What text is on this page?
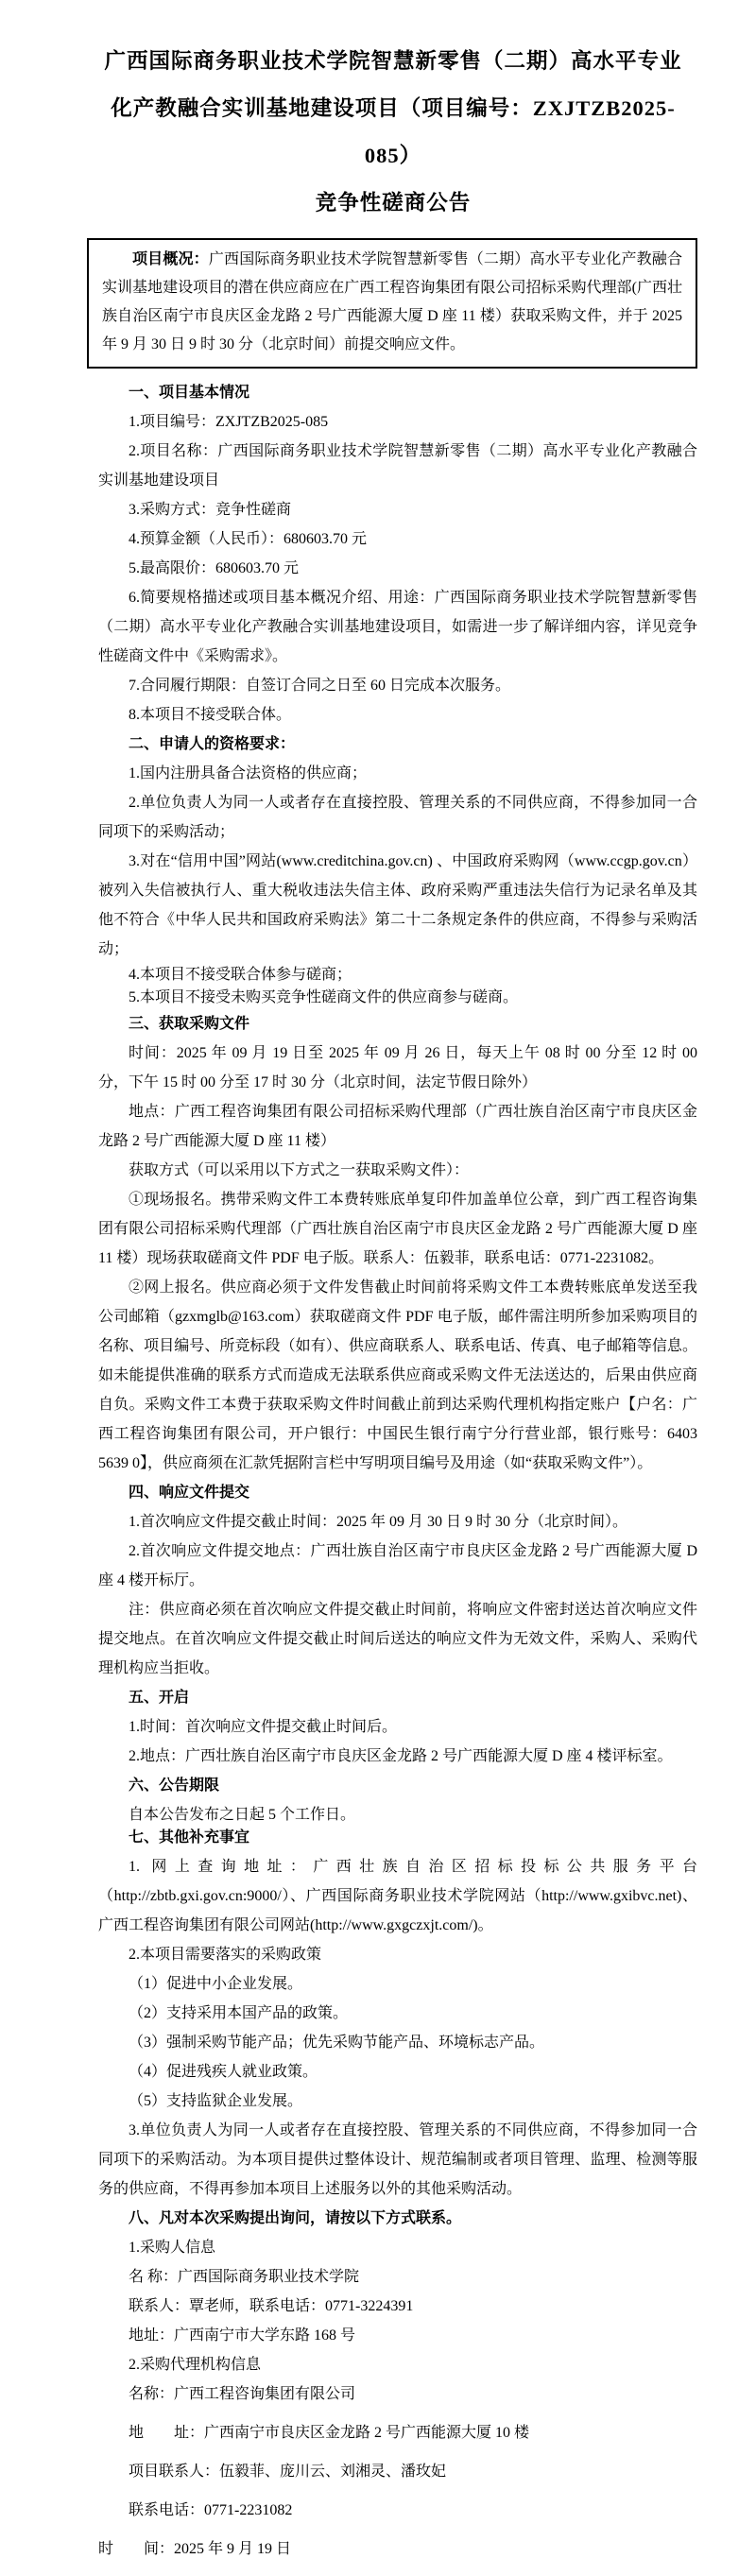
广西国际商务职业技术学院智慧新零售（二期）高水平专业
化产教融合实训基地建设项目（项目编号：ZXJTZB2025-085）
竞争性磋商公告

项目概况：广西国际商务职业技术学院智慧新零售（二期）高水平专业化产教融合实训基地建设项目的潜在供应商应在广西工程咨询集团有限公司招标采购代理部(广西壮族自治区南宁市良庆区金龙路 2 号广西能源大厦 D 座 11 楼）获取采购文件，并于 2025 年 9 月 30 日 9 时 30 分（北京时间）前提交响应文件。

一、项目基本情况

1.项目编号：ZXJTZB2025-085

2.项目名称：广西国际商务职业技术学院智慧新零售（二期）高水平专业化产教融合实训基地建设项目

3.采购方式：竞争性磋商

4.预算金额（人民币）：680603.70 元

5.最高限价：680603.70 元

6.简要规格描述或项目基本概况介绍、用途：广西国际商务职业技术学院智慧新零售（二期）高水平专业化产教融合实训基地建设项目，如需进一步了解详细内容，详见竞争性磋商文件中《采购需求》。

7.合同履行期限：自签订合同之日至 60 日完成本次服务。

8.本项目不接受联合体。

二、申请人的资格要求：

1.国内注册具备合法资格的供应商；

2.单位负责人为同一人或者存在直接控股、管理关系的不同供应商，不得参加同一合同项下的采购活动；

3.对在“信用中国”网站(www.creditchina.gov.cn) 、中国政府采购网（www.ccgp.gov.cn）被列入失信被执行人、重大税收违法失信主体、政府采购严重违法失信行为记录名单及其他不符合《中华人民共和国政府采购法》第二十二条规定条件的供应商，不得参与采购活动；

4.本项目不接受联合体参与磋商；

5.本项目不接受未购买竞争性磋商文件的供应商参与磋商。

三、获取采购文件

时间：2025 年 09 月 19 日至 2025 年 09 月 26 日，每天上午 08 时 00 分至 12 时 00 分，下午 15 时 00 分至 17 时 30 分（北京时间，法定节假日除外）

地点：广西工程咨询集团有限公司招标采购代理部（广西壮族自治区南宁市良庆区金龙路 2 号广西能源大厦 D 座 11 楼）

获取方式（可以采用以下方式之一获取采购文件）：

①现场报名。携带采购文件工本费转账底单复印件加盖单位公章，到广西工程咨询集团有限公司招标采购代理部（广西壮族自治区南宁市良庆区金龙路 2 号广西能源大厦 D 座 11 楼）现场获取磋商文件 PDF 电子版。联系人：伍毅菲，联系电话：0771-2231082。

②网上报名。供应商必须于文件发售截止时间前将采购文件工本费转账底单发送至我公司邮箱（gzxmglb@163.com）获取磋商文件 PDF 电子版，邮件需注明所参加采购项目的名称、项目编号、所竞标段（如有）、供应商联系人、联系电话、传真、电子邮箱等信息。如未能提供准确的联系方式而造成无法联系供应商或采购文件无法送达的，后果由供应商自负。采购文件工本费于获取采购文件时间截止前到达采购代理机构指定账户【户名：广西工程咨询集团有限公司，开户银行：中国民生银行南宁分行营业部，银行账号：6403 5639 0】，供应商须在汇款凭据附言栏中写明项目编号及用途（如“获取采购文件”）。

四、响应文件提交

1.首次响应文件提交截止时间：2025 年 09 月 30 日 9 时 30 分（北京时间）。

2.首次响应文件提交地点：广西壮族自治区南宁市良庆区金龙路 2 号广西能源大厦 D 座 4 楼开标厅。

注：供应商必须在首次响应文件提交截止时间前，将响应文件密封送达首次响应文件提交地点。在首次响应文件提交截止时间后送达的响应文件为无效文件，采购人、采购代理机构应当拒收。

五、开启

1.时间：首次响应文件提交截止时间后。

2.地点：广西壮族自治区南宁市良庆区金龙路 2 号广西能源大厦 D 座 4 楼评标室。

六、公告期限

自本公告发布之日起 5 个工作日。

七、其他补充事宜

1. 网上查询地址：广西壮族自治区招标投标公共服务平台（http://zbtb.gxi.gov.cn:9000/）、广西国际商务职业技术学院网站（http://www.gxibvc.net)、广西工程咨询集团有限公司网站(http://www.gxgczxjt.com/)。

2.本项目需要落实的采购政策

（1）促进中小企业发展。

（2）支持采用本国产品的政策。

（3）强制采购节能产品；优先采购节能产品、环境标志产品。

（4）促进残疾人就业政策。

（5）支持监狱企业发展。

3.单位负责人为同一人或者存在直接控股、管理关系的不同供应商，不得参加同一合同项下的采购活动。为本项目提供过整体设计、规范编制或者项目管理、监理、检测等服务的供应商，不得再参加本项目上述服务以外的其他采购活动。

八、凡对本次采购提出询问，请按以下方式联系。

1.采购人信息

名 称：广西国际商务职业技术学院

联系人：覃老师，联系电话：0771-3224391

地址：广西南宁市大学东路 168 号

2.采购代理机构信息

名称：广西工程咨询集团有限公司

地　　址：广西南宁市良庆区金龙路 2 号广西能源大厦 10 楼

项目联系人：伍毅菲、庞川云、刘湘灵、潘玫妃

联系电话：0771-2231082

时　　间：2025 年 9 月 19 日
